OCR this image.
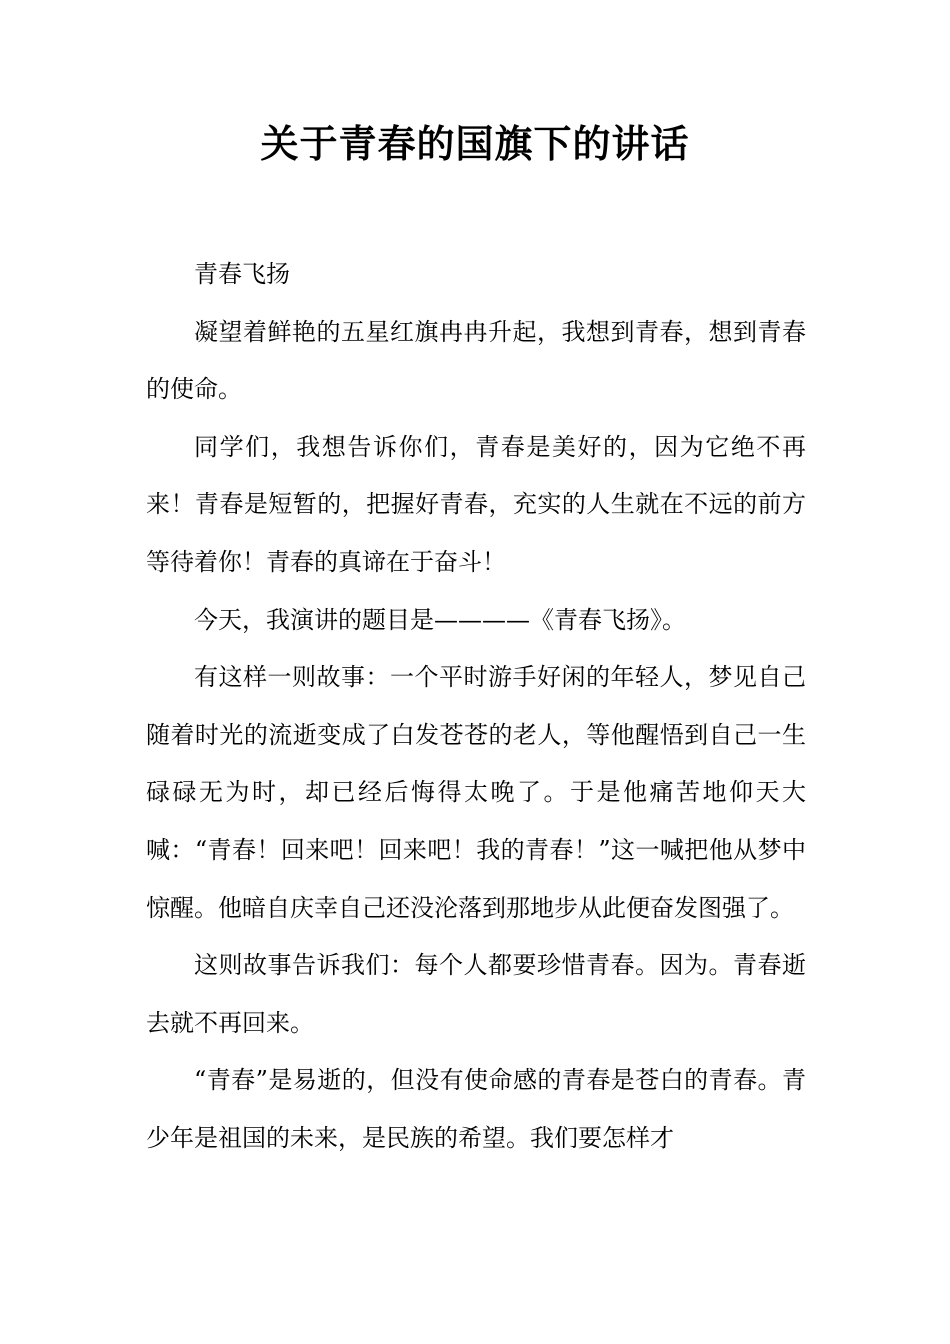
关于青春的国旗下的讲话

青春飞扬

凝望着鲜艳的五星红旗冉冉升起，我想到青春，想到青春的使命。

同学们，我想告诉你们，青春是美好的，因为它绝不再来！青春是短暂的，把握好青春，充实的人生就在不远的前方等待着你！青春的真谛在于奋斗！

今天，我演讲的题目是————《青春飞扬》。

有这样一则故事：一个平时游手好闲的年轻人，梦见自己随着时光的流逝变成了白发苍苍的老人，等他醒悟到自己一生碌碌无为时，却已经后悔得太晚了。于是他痛苦地仰天大喊：“青春！回来吧！回来吧！我的青春！”这一喊把他从梦中惊醒。他暗自庆幸自己还没沦落到那地步从此便奋发图强了。

这则故事告诉我们：每个人都要珍惜青春。因为。青春逝去就不再回来。

“青春”是易逝的，但没有使命感的青春是苍白的青春。青少年是祖国的未来，是民族的希望。我们要怎样才
